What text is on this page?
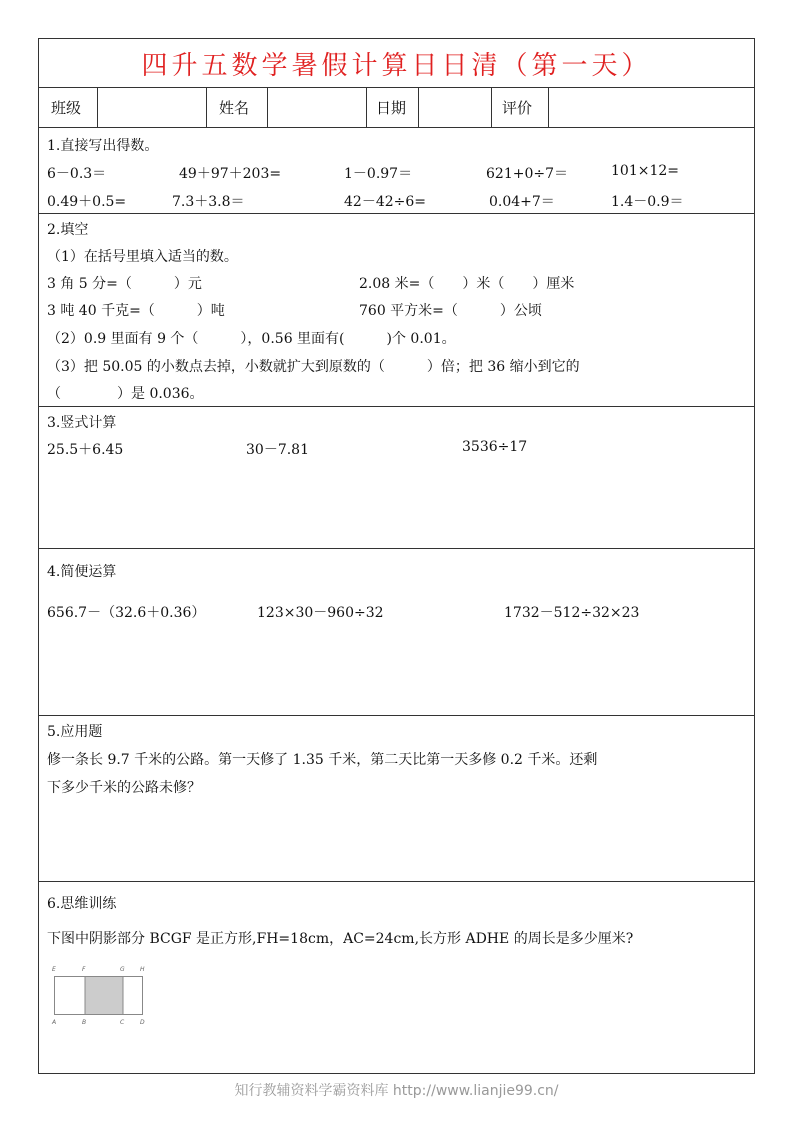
四升五数学暑假计算日日清（第一天）
班级	姓名	日期	评价
1.直接写出得数。
6－0.3＝	49＋97＋203=	1－0.97＝	621+0÷7＝	101×12=
0.49＋0.5=	7.3＋3.8＝	42－42÷6=	0.04+7＝	1.4－0.9＝
2.填空
（1）在括号里填入适当的数。
3 角 5 分=（　　　）元	2.08 米=（　　）米（　　）厘米
3 吨 40 千克=（　　　）吨	760 平方米=（　　　）公顷
（2）0.9 里面有 9 个（　　　），0.56 里面有(　　　)个 0.01。
（3）把 50.05 的小数点去掉，小数就扩大到原数的（　　　）倍；把 36 缩小到它的
（　　　　）是 0.036。
3.竖式计算
25.5＋6.45	30－7.81	3536÷17
4.简便运算
656.7－（32.6＋0.36）	123×30－960÷32	1732－512÷32×23
5.应用题
修一条长 9.7 千米的公路。第一天修了 1.35 千米，第二天比第一天多修 0.2 千米。还剩
下多少千米的公路未修？
6.思维训练
下图中阴影部分 BCGF 是正方形,FH=18cm，AC=24cm,长方形 ADHE 的周长是多少厘米?
E	F	G	H
A	B	C	D
知行教辅资料学霸资料库 http://www.lianjie99.cn/
